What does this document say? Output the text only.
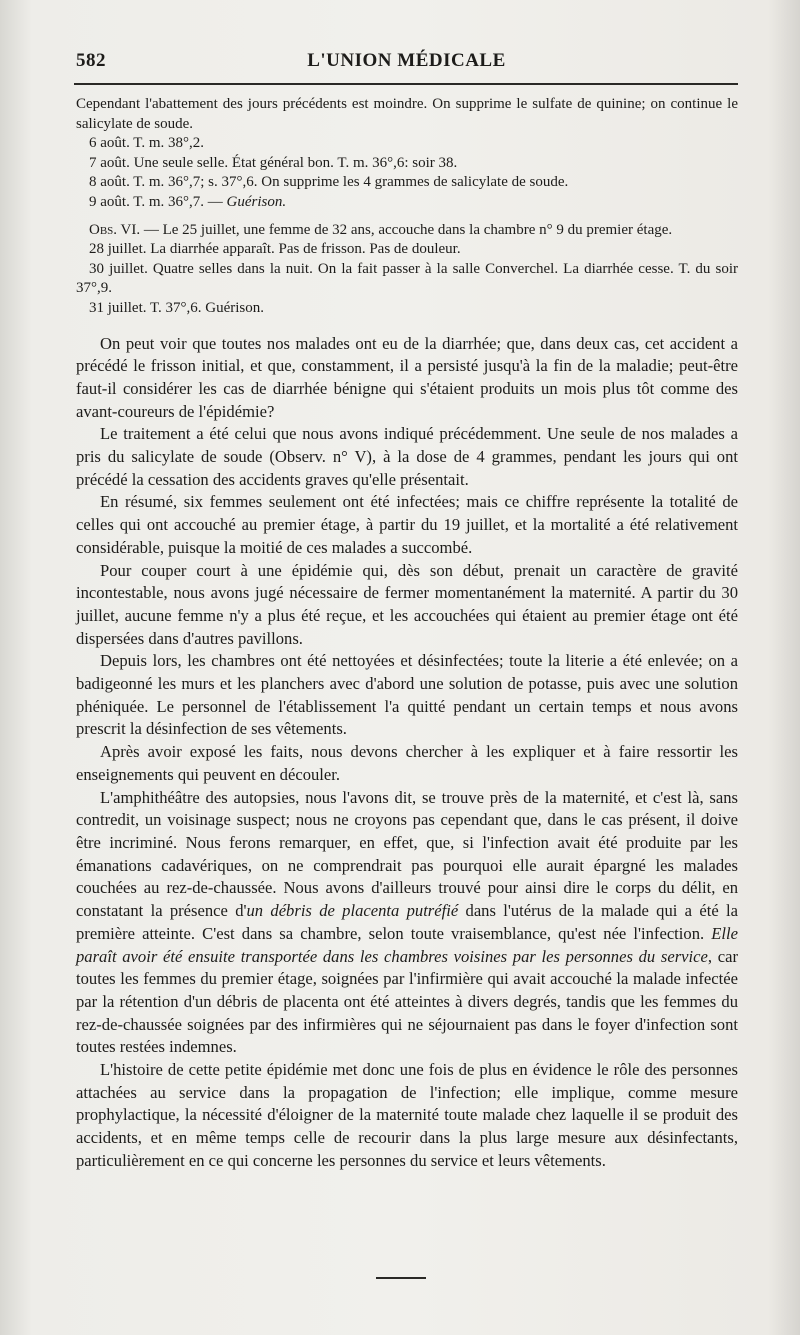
582	L'UNION MÉDICALE

Cependant l'abattement des jours précédents est moindre. On supprime le sulfate de quinine; on continue le salicylate de soude.

6 août. T. m. 38°,2.

7 août. Une seule selle. État général bon. T. m. 36°,6: soir 38.

8 août. T. m. 36°,7; s. 37°,6. On supprime les 4 grammes de salicylate de soude.

9 août. T. m. 36°,7. — Guérison.

Obs. VI. — Le 25 juillet, une femme de 32 ans, accouche dans la chambre n° 9 du premier étage.

28 juillet. La diarrhée apparaît. Pas de frisson. Pas de douleur.

30 juillet. Quatre selles dans la nuit. On la fait passer à la salle Converchel. La diarrhée cesse. T. du soir 37°,9.

31 juillet. T. 37°,6. Guérison.

On peut voir que toutes nos malades ont eu de la diarrhée; que, dans deux cas, cet accident a précédé le frisson initial, et que, constamment, il a persisté jusqu'à la fin de la maladie; peut-être faut-il considérer les cas de diarrhée bénigne qui s'étaient produits un mois plus tôt comme des avant-coureurs de l'épidémie?

Le traitement a été celui que nous avons indiqué précédemment. Une seule de nos malades a pris du salicylate de soude (Observ. n° V), à la dose de 4 grammes, pendant les jours qui ont précédé la cessation des accidents graves qu'elle présentait.

En résumé, six femmes seulement ont été infectées; mais ce chiffre représente la totalité de celles qui ont accouché au premier étage, à partir du 19 juillet, et la mortalité a été relativement considérable, puisque la moitié de ces malades a succombé.

Pour couper court à une épidémie qui, dès son début, prenait un caractère de gravité incontestable, nous avons jugé nécessaire de fermer momentanément la maternité. A partir du 30 juillet, aucune femme n'y a plus été reçue, et les accouchées qui étaient au premier étage ont été dispersées dans d'autres pavillons.

Depuis lors, les chambres ont été nettoyées et désinfectées; toute la literie a été enlevée; on a badigeonné les murs et les planchers avec d'abord une solution de potasse, puis avec une solution phéniquée. Le personnel de l'établissement l'a quitté pendant un certain temps et nous avons prescrit la désinfection de ses vêtements.

Après avoir exposé les faits, nous devons chercher à les expliquer et à faire ressortir les enseignements qui peuvent en découler.

L'amphithéâtre des autopsies, nous l'avons dit, se trouve près de la maternité, et c'est là, sans contredit, un voisinage suspect; nous ne croyons pas cependant que, dans le cas présent, il doive être incriminé. Nous ferons remarquer, en effet, que, si l'infection avait été produite par les émanations cadavériques, on ne comprendrait pas pourquoi elle aurait épargné les malades couchées au rez-de-chaussée. Nous avons d'ailleurs trouvé pour ainsi dire le corps du délit, en constatant la présence d'un débris de placenta putréfié dans l'utérus de la malade qui a été la première atteinte. C'est dans sa chambre, selon toute vraisemblance, qu'est née l'infection. Elle paraît avoir été ensuite transportée dans les chambres voisines par les personnes du service, car toutes les femmes du premier étage, soignées par l'infirmière qui avait accouché la malade infectée par la rétention d'un débris de placenta ont été atteintes à divers degrés, tandis que les femmes du rez-de-chaussée soignées par des infirmières qui ne séjournaient pas dans le foyer d'infection sont toutes restées indemnes.

L'histoire de cette petite épidémie met donc une fois de plus en évidence le rôle des personnes attachées au service dans la propagation de l'infection; elle implique, comme mesure prophylactique, la nécessité d'éloigner de la maternité toute malade chez laquelle il se produit des accidents, et en même temps celle de recourir dans la plus large mesure aux désinfectants, particulièrement en ce qui concerne les personnes du service et leurs vêtements.
